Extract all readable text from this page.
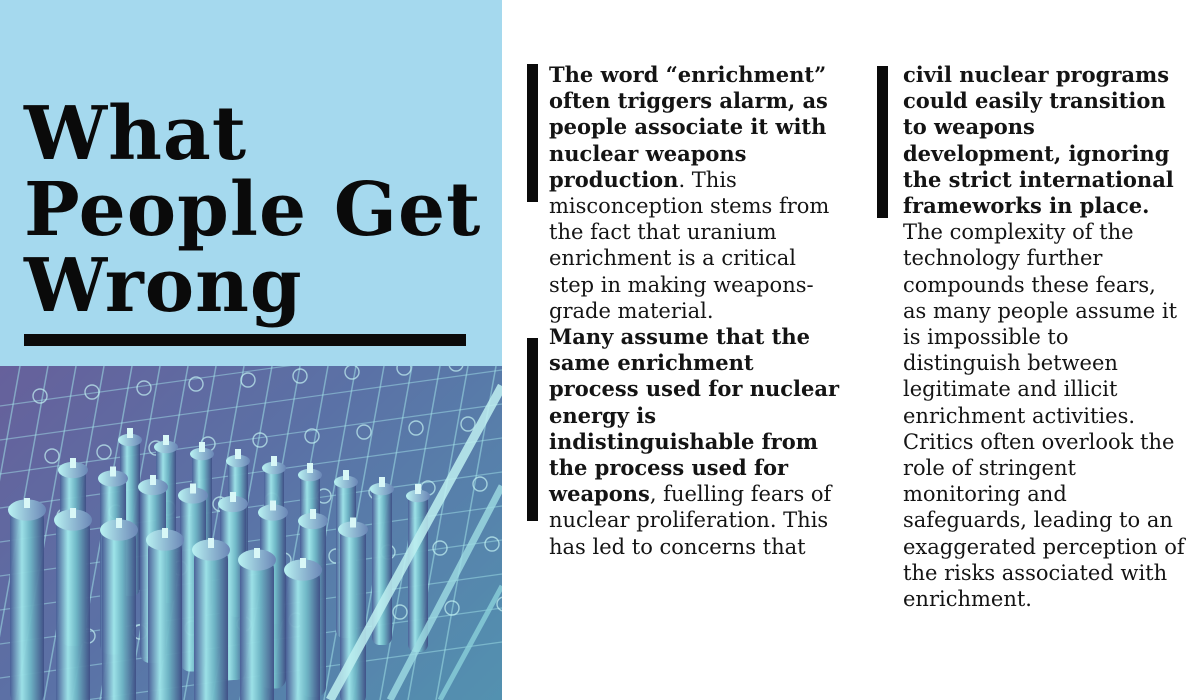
What
People Get
Wrong

The word “enrichment” often triggers alarm, as people associate it with nuclear weapons production. This misconception stems from the fact that uranium enrichment is a critical step in making weapons-grade material.

Many assume that the same enrichment process used for nuclear energy is indistinguishable from the process used for weapons, fuelling fears of nuclear proliferation. This has led to concerns that

civil nuclear programs could easily transition to weapons development, ignoring the strict international frameworks in place. The complexity of the technology further compounds these fears, as many people assume it is impossible to distinguish between legitimate and illicit enrichment activities. Critics often overlook the role of stringent monitoring and safeguards, leading to an exaggerated perception of the risks associated with enrichment.
